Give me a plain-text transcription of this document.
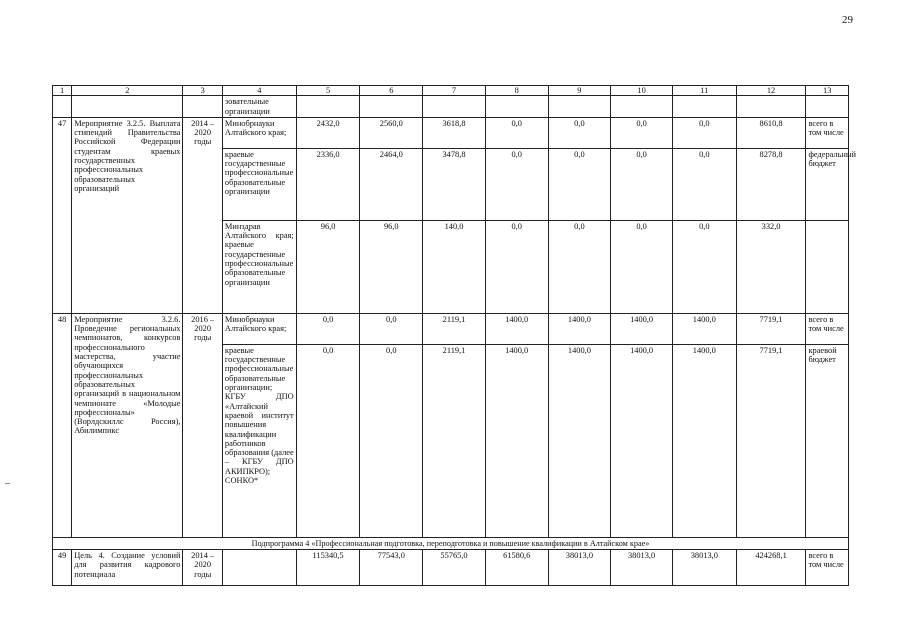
29
1	2	3	4	5	6	7	8	9	10	11	12	13
			зовательные организации									
47	Мероприятие 3.2.5. Выплата стипендий Правительства Российской Федерации студентам краевых государственных профессиональных образовательных организаций	2014 – 2020 годы	Минобрнауки Алтайского края;	2432,0	2560,0	3618,8	0,0	0,0	0,0	0,0	8610,8	всего в том числе
			краевые государственные профессиональные образовательные организации	2336,0	2464,0	3478,8	0,0	0,0	0,0	0,0	8278,8	федеральный бюджет
			Минздрав Алтайского края; краевые государственные профессиональные образовательные организации	96,0	96,0	140,0	0,0	0,0	0,0	0,0	332,0	
48	Мероприятие 3.2.6. Проведение региональных чемпионатов, конкурсов профессионального мастерства, участие обучающихся профессиональных образовательных организаций в национальном чемпионате «Молодые профессионалы» (Ворлдскиллс Россия), Абилимпикс	2016 – 2020 годы	Минобрнауки Алтайского края;	0,0	0,0	2119,1	1400,0	1400,0	1400,0	1400,0	7719,1	всего в том числе
			краевые государственные профессиональные образовательные организации; КГБУ ДПО «Алтайский краевой институт повышения квалификации работников образования (далее – КГБУ ДПО АКИПКРО); СОНКО*	0,0	0,0	2119,1	1400,0	1400,0	1400,0	1400,0	7719,1	краевой бюджет
Подпрограмма 4 «Профессиональная подготовка, переподготовка и повышение квалификации в Алтайском крае»												
49	Цель 4. Создание условий для развития кадрового потенциала	2014 – 2020 годы		115340,5	77543,0	55765,0	61580,6	38013,0	38013,0	38013,0	424268,1	всего в том числе
